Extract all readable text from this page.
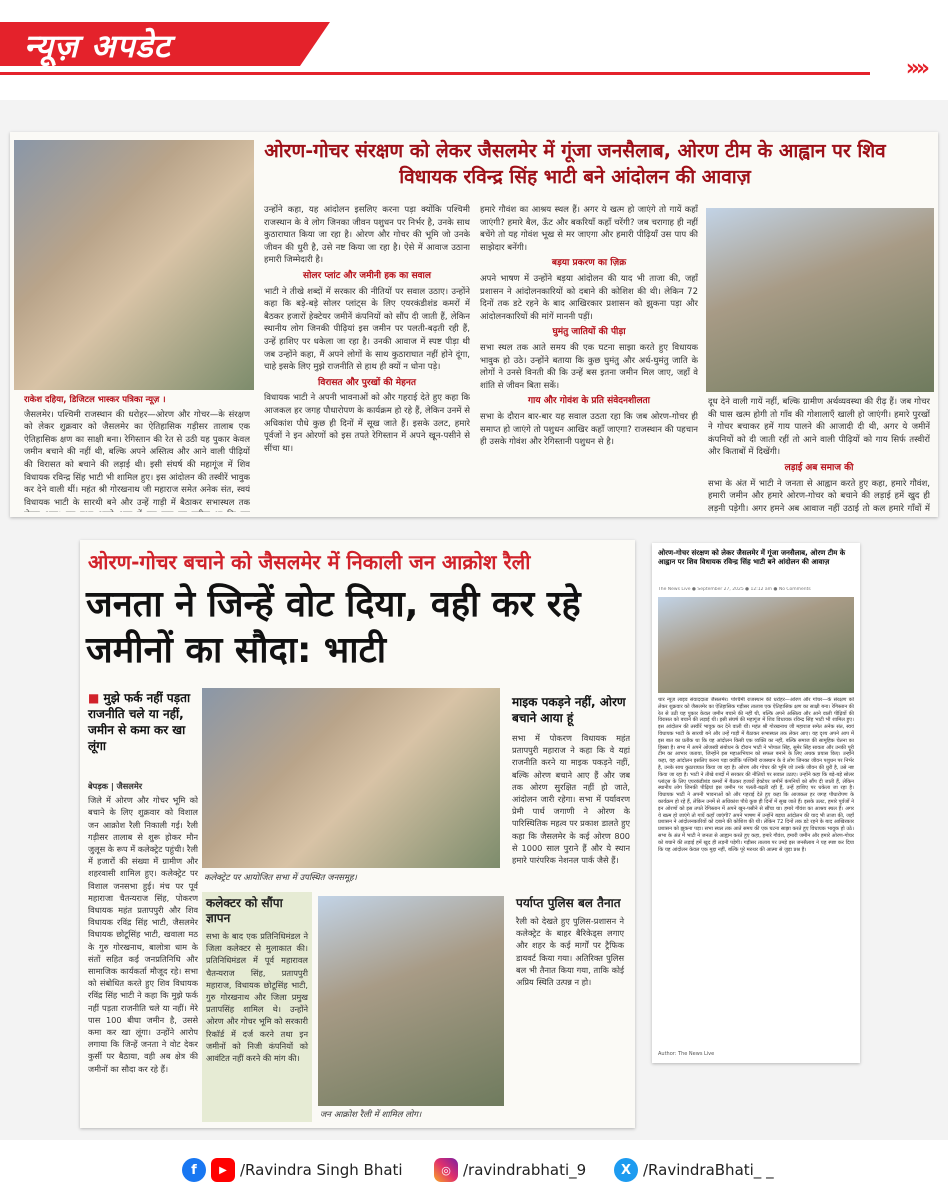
न्यूज़ अपडेट
››››
ओरण-गोचर संरक्षण को लेकर जैसलमेर में गूंजा जनसैलाब, ओरण टीम के आह्वान पर शिव विधायक रविन्द्र सिंह भाटी बने आंदोलन की आवाज़

राकेश दहिया, डिजिटल भास्कर पत्रिका न्यूज़ ।

जैसलमेर। पश्चिमी राजस्थान की धरोहर—ओरण और गोचर—के संरक्षण को लेकर शुक्रवार को जैसलमेर का ऐतिहासिक गड़ीसर तालाब एक ऐतिहासिक क्षण का साक्षी बना। रेगिस्तान की रेत से उठी यह पुकार केवल जमीन बचाने की नहीं थी, बल्कि अपने अस्तित्व और आने वाली पीढ़ियों की विरासत को बचाने की लड़ाई थी। इसी संघर्ष की महागूंज में शिव विधायक रविन्द्र सिंह भाटी भी शामिल हुए। इस आंदोलन की तस्वीरें भावुक कर देने वाली थीं। महंत श्री गोरखनाथ जी महाराज समेत अनेक संत, स्वयं विधायक भाटी के सारथी बने और उन्हें गाड़ी में बैठाकर सभास्थल तक

उन्होंने कहा, यह आंदोलन इसलिए करना पड़ा क्योंकि पश्चिमी राजस्थान के वे लोग जिनका जीवन पशुधन पर निर्भर है, उनके साथ कुठाराघात किया जा रहा है। ओरण और गोचर की भूमि जो उनके जीवन की धुरी है, उसे नष्ट किया जा रहा है। ऐसे में आवाज उठाना हमारी जिम्मेदारी है।

सोलर प्लांट और जमीनी हक का सवाल

भाटी ने तीखे शब्दों में सरकार की नीतियों पर सवाल उठाए। उन्होंने कहा कि बड़े-बड़े सोलर प्लांट्स के लिए एयरकंडीशंड कमरों में बैठकर हजारों हेक्टेयर जमीनें कंपनियों को सौंप दी जाती हैं, लेकिन स्थानीय लोग जिनकी पीढ़ियां इस जमीन पर पलती-बढ़ती रही हैं, उन्हें हाशिए पर धकेला जा रहा है। उनकी आवाज में स्पष्ट पीड़ा थी जब उन्होंने कहा, मैं अपने लोगों के साथ कुठाराघात नहीं होने दूंगा, चाहे इसके लिए मुझे राजनीति से हाथ ही क्यों न धोना पड़े।

विरासत और पुरखों की मेहनत

विधायक भाटी ने अपनी भावनाओं को और गहराई देते हुए कहा कि आजकल हर जगह पौधारोपण के कार्यक्रम हो रहे हैं, लेकिन उनमें से अधिकांश पौधे कुछ ही दिनों में सूख जाते हैं। इसके उलट, हमारे पूर्वजों ने इन ओरणों को इस तपते रेगिस्तान में अपने खून-पसीने से सींचा था।

हमारे गौवंश का आश्रय स्थल हैं। अगर ये खत्म हो जाएंगे तो गायें कहाँ जाएंगी? हमारे बैल, ऊँट और बकरियाँ कहाँ चरेंगी? जब चरागाह ही नहीं बचेंगे तो यह गोवंश भूख से मर जाएगा और हमारी पीढ़ियाँ उस पाप की साझेदार बनेंगी।

बड़या प्रकरण का ज़िक्र

अपने भाषण में उन्होंने बड़या आंदोलन की याद भी ताजा की, जहाँ प्रशासन ने आंदोलनकारियों को दबाने की कोशिश की थी। लेकिन 72 दिनों तक डटे रहने के बाद आखिरकार प्रशासन को झुकना पड़ा और आंदोलनकारियों की मांगें माननी पड़ीं।

घुमंतु जातियों की पीड़ा

सभा स्थल तक आते समय की एक घटना साझा करते हुए विधायक भावुक हो उठे। उन्होंने बताया कि कुछ घुमंतु और अर्ध-घुमंतु जाति के लोगों ने उनसे विनती की कि उन्हें बस इतना जमीन मिल जाए, जहाँ वे शांति से जीवन बिता सकें।

गाय और गोवंश के प्रति संवेदनशीलता

सभा के दौरान बार-बार यह सवाल उठता रहा कि जब ओरण-गोचर ही समाप्त हो जाएंगे तो पशुधन आखिर कहाँ जाएगा? राजस्थान की पहचान ही उसके गोवंश और रेगिस्तानी पशुधन से है।

दूध देने वाली गायें नहीं, बल्कि ग्रामीण अर्थव्यवस्था की रीढ़ हैं। जब गोचर की घास खत्म होगी तो गाँव की गोशालाएँ खाली हो जाएंगी। हमारे पुरखों ने गोचर बचाकर हमें गाय पालने की आजादी दी थी, अगर ये जमीनें कंपनियों को दी जाती रहीं तो आने वाली पीढ़ियों को गाय सिर्फ तस्वीरों और किताबों में दिखेंगी।

लड़ाई अब समाज की

सभा के अंत में भाटी ने जनता से आह्वान करते हुए कहा, हमारे गौवंश, हमारी जमीन और हमारे ओरण-गोचर को बचाने की लड़ाई हमें खुद ही लड़नी पड़ेगी। अगर हमने अब आवाज नहीं उठाई तो कल हमारे गाँवों में

ओरण-गोचर बचाने को जैसलमेर में निकाली जन आक्रोश रैली
जनता ने जिन्हें वोट दिया, वही कर रहे जमीनों का सौदा: भाटी
■ मुझे फर्क नहीं पड़ता राजनीति चले या नहीं, जमीन से कमा कर खा लूंगा
कलेक्ट्रेट पर आयोजित सभा में उपस्थित जनसमूह।

बेपड़क | जैसलमेर

जिले में ओरण और गोचर भूमि को बचाने के लिए शुक्रवार को विशाल जन आक्रोश रैली निकाली गई। रैली गड़ीसर तालाब से शुरू होकर मौन जुलूस के रूप में कलेक्ट्रेट पहुंची। रैली में हजारों की संख्या में ग्रामीण और शहरवासी शामिल हुए। कलेक्ट्रेट पर विशाल जनसभा हुई। मंच पर पूर्व महाराजा चैतन्यराज सिंह, पोकरण विधायक महंत प्रतापपुरी और शिव विधायक रविंद्र सिंह भाटी, जैसलमेर विधायक छोटूसिंह भाटी, खवाला मठ के गुरु गोरखनाथ, बालोत्रा धाम के संतों सहित कई जनप्रतिनिधि और सामाजिक कार्यकर्ता मौजूद रहे। सभा को संबोधित करते हुए शिव विधायक रविंद्र सिंह भाटी ने कहा कि मुझे फर्क नहीं पड़ता राजनीति चले या नहीं। मेरे पास 100 बीघा जमीन है, उससे कमा कर खा लूंगा। उन्होंने आरोप लगाया कि जिन्हें जनता ने वोट देकर कुर्सी पर बैठाया, वही अब क्षेत्र की जमीनों का सौदा कर रहे हैं।

माइक पकड़ने नहीं, ओरण बचाने आया हूं
सभा में पोकरण विधायक महंत प्रतापपुरी महाराज ने कहा कि वे यहां राजनीति करने या माइक पकड़ने नहीं, बल्कि ओरण बचाने आए हैं और जब तक ओरण सुरक्षित नहीं हो जाते, आंदोलन जारी रहेगा। सभा में पर्यावरण प्रेमी पार्थ जगाणी ने ओरण के पारिस्थितिक महत्व पर प्रकाश डालते हुए कहा कि जैसलमेर के कई ओरण 800 से 1000 साल पुराने हैं और ये स्थान हमारे पारंपरिक नेशनल पार्क जैसे हैं।
कलेक्टर को सौंपा ज्ञापन
सभा के बाद एक प्रतिनिधिमंडल ने जिला कलेक्टर से मुलाकात की। प्रतिनिधिमंडल में पूर्व महारावल चैतन्यराज सिंह, प्रतापपुरी महाराज, विधायक छोटूसिंह भाटी, गुरु गोरखनाथ और जिला प्रमुख प्रतापसिंह शामिल थे। उन्होंने ओरण और गोचर भूमि को सरकारी रिकॉर्ड में दर्ज करने तथा इन जमीनों को निजी कंपनियों को आवंटित नहीं करने की मांग की।
जन आक्रोश रैली में शामिल लोग।
पर्याप्त पुलिस बल तैनात
रैली को देखते हुए पुलिस-प्रशासन ने कलेक्ट्रेट के बाहर बैरिकेड्स लगाए और शहर के कई मार्गों पर ट्रैफिक डायवर्ट किया गया। अतिरिक्त पुलिस बल भी तैनात किया गया, ताकि कोई अप्रिय स्थिति उत्पन्न न हो।
ओरण-गोचर संरक्षण को लेकर जैसलमेर में गूंजा जनसैलाब, ओरण टीम के आह्वान पर शिव विधायक रविन्द्र सिंह भाटी बने आंदोलन की आवाज़
The News Live ● September 27, 2025 ● 12:12 am ● No Comments
थार न्यूज़ लाइव संवाददाता जैसलमेर। पश्चिमी राजस्थान की धरोहर—ओरण और गोचर—के संरक्षण को लेकर शुक्रवार को जैसलमेर का ऐतिहासिक गड़ीसर तालाब एक ऐतिहासिक क्षण का साक्षी बना। रेगिस्तान की रेत से उठी यह पुकार केवल जमीन बचाने की नहीं थी, बल्कि अपने अस्तित्व और आने वाली पीढ़ियों की विरासत को बचाने की लड़ाई थी। इसी संघर्ष की महागूंज में शिव विधायक रविन्द्र सिंह भाटी भी शामिल हुए। इस आंदोलन की तस्वीरें भावुक कर देने वाली थीं। महंत श्री गोरखनाथ जी महाराज समेत अनेक संत, स्वयं विधायक भाटी के सारथी बने और उन्हें गाड़ी में बैठाकर सभास्थल तक लेकर आए। यह दृश्य अपने आप में इस बात का प्रतीक था कि यह आंदोलन किसी एक व्यक्ति का नहीं, बल्कि समाज की सामूहिक चेतना का हिस्सा है। सभा में अपने ओजस्वी संबोधन के दौरान भाटी ने भोपाल सिंह, सुमेर सिंह सावता और उनकी पूरी टीम का आभार जताया, जिन्होंने इस महाअभियान को सफल बनाने के लिए अथक प्रयास किए। उन्होंने कहा, यह आंदोलन इसलिए करना पड़ा क्योंकि पश्चिमी राजस्थान के वे लोग जिनका जीवन पशुधन पर निर्भर है, उनके साथ कुठाराघात किया जा रहा है। ओरण और गोचर की भूमि जो उनके जीवन की धुरी है, उसे नष्ट किया जा रहा है। भाटी ने तीखे शब्दों में सरकार की नीतियों पर सवाल उठाए। उन्होंने कहा कि बड़े-बड़े सोलर प्लांट्स के लिए एयरकंडीशंड कमरों में बैठकर हजारों हेक्टेयर जमीनें कंपनियों को सौंप दी जाती हैं, लेकिन स्थानीय लोग जिनकी पीढ़ियां इस जमीन पर पलती-बढ़ती रही हैं, उन्हें हाशिए पर धकेला जा रहा है। विधायक भाटी ने अपनी भावनाओं को और गहराई देते हुए कहा कि आजकल हर जगह पौधारोपण के कार्यक्रम हो रहे हैं, लेकिन उनमें से अधिकांश पौधे कुछ ही दिनों में सूख जाते हैं। इसके उलट, हमारे पूर्वजों ने इन ओरणों को इस तपते रेगिस्तान में अपने खून-पसीने से सींचा था। हमारे गौवंश का आश्रय स्थल हैं। अगर ये खत्म हो जाएंगे तो गायें कहाँ जाएंगी? अपने भाषण में उन्होंने बड़या आंदोलन की याद भी ताजा की, जहाँ प्रशासन ने आंदोलनकारियों को दबाने की कोशिश की थी। लेकिन 72 दिनों तक डटे रहने के बाद आखिरकार प्रशासन को झुकना पड़ा। सभा स्थल तक आते समय की एक घटना साझा करते हुए विधायक भावुक हो उठे। सभा के अंत में भाटी ने जनता से आह्वान करते हुए कहा, हमारे गौवंश, हमारी जमीन और हमारे ओरण-गोचर को बचाने की लड़ाई हमें खुद ही लड़नी पड़ेगी। गड़ीसर तालाब पर उमड़े इस जनसैलाब ने यह स्पष्ट कर दिया कि यह आंदोलन केवल एक मुद्दा नहीं, बल्कि पूरे मरुधर की आत्मा से जुड़ा प्रश्न है।
Author: The News Live
f	▶ /Ravindra Singh Bhati	◎ /ravindrabhati_9	X /RavindraBhati_ _
